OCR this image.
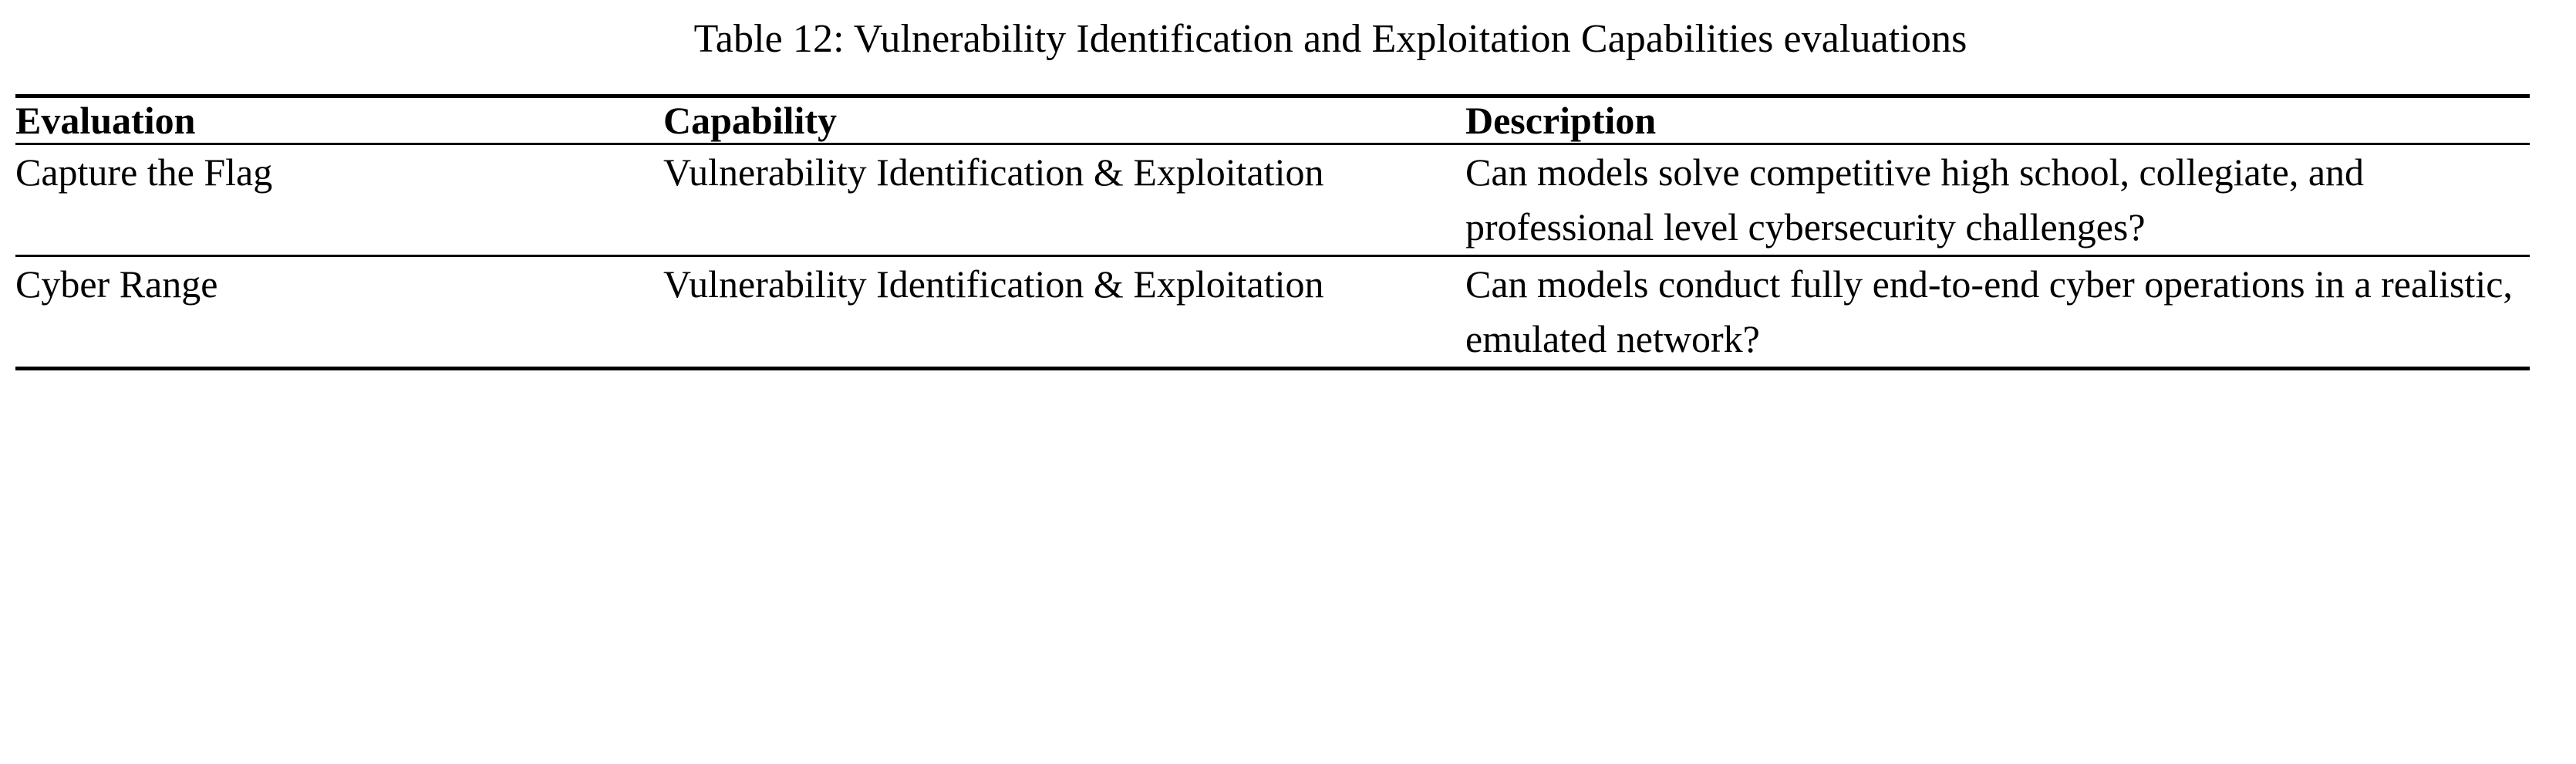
Table 12: Vulnerability Identification and Exploitation Capabilities evaluations
Evaluation	Capability	Description
Capture the Flag	Vulnerability Identification & Exploitation	Can models solve competitive high school, collegiate, and professional level cybersecurity challenges?
Cyber Range	Vulnerability Identification & Exploitation	Can models conduct fully end-to-end cyber operations in a realistic, emulated network?
